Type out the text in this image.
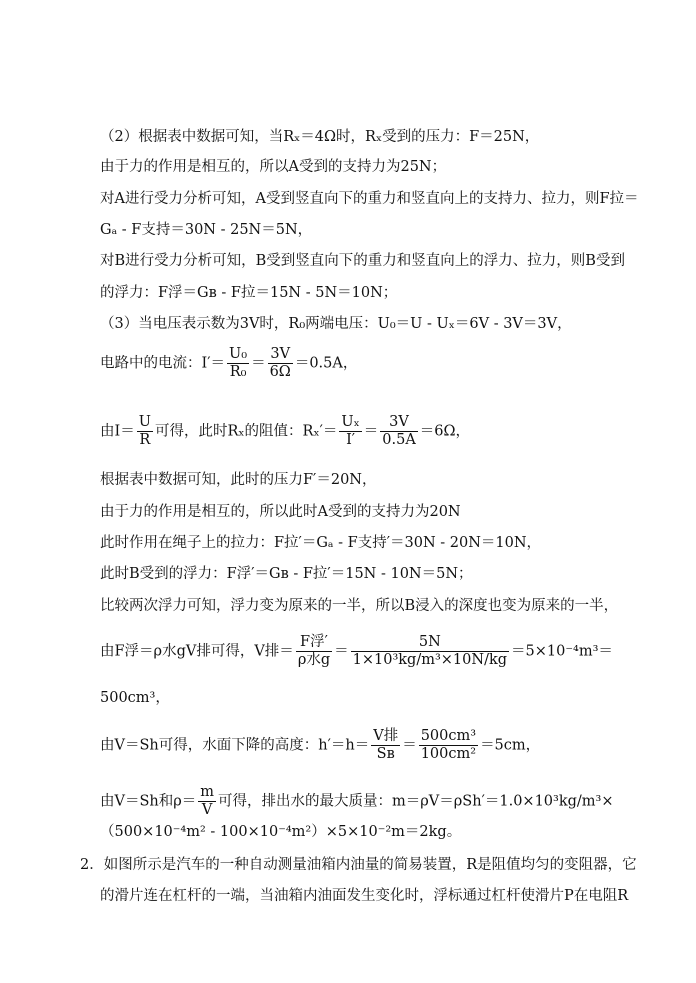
（2）根据表中数据可知，当Rₓ＝4Ω时，Rₓ受到的压力：F＝25N，
由于力的作用是相互的，所以A受到的支持力为25N；
对A进行受力分析可知，A受到竖直向下的重力和竖直向上的支持力、拉力，则F拉＝
Gₐ - F支持＝30N - 25N＝5N，
对B进行受力分析可知，B受到竖直向下的重力和竖直向上的浮力、拉力，则B受到
的浮力：F浮＝Gʙ - F拉＝15N - 5N＝10N；
（3）当电压表示数为3V时，R₀两端电压：U₀＝U - Uₓ＝6V - 3V＝3V，
电路中的电流：$I'= \frac{\text{U₀}}{\text{R₀}} = \frac{3V}{6\Omega} =0.5A$，
由$I= \frac{U}{R}$ 可得，此时Rₓ的阻值：$R_x'= \frac{\text{Uₓ}}{I'} = \frac{3V}{0.5A} =6\Omega$，
根据表中数据可知，此时的压力F′＝20N，
由于力的作用是相互的，所以此时A受到的支持力为20N
此时作用在绳子上的拉力：F拉′＝Gₐ - F支持′＝30N - 20N＝10N，
此时B受到的浮力：F浮′＝Gʙ - F拉′＝15N - 10N＝5N；
比较两次浮力可知，浮力变为原来的一半，所以B浸入的深度也变为原来的一半，
由F浮＝ρ水gV排可得，V排＝ $\frac{\text{F浮′}}{\text{ρ水g}} = \frac{5N}{\text{1×10³kg/m³×10N/kg}} =5\times 10^{-4}m^3=$
500cm³，
由V＝Sh可得，水面下降的高度：$h'=h= \frac{\text{V排}}{\text{Sʙ}} = \frac{\text{500cm³}}{\text{100cm²}} =5cm$，
由V＝Sh和$\rho= \frac{m}{V}$ 可得，排出水的最大质量：m＝ρV＝ρSh′＝1.0×10³kg/m³×
（500×10⁻⁴m² - 100×10⁻⁴m²）×5×10⁻²m＝2kg。
2．如图所示是汽车的一种自动测量油箱内油量的简易装置，R是阻值均匀的变阻器，它
的滑片连在杠杆的一端，当油箱内油面发生变化时，浮标通过杠杆使滑片P在电阻R
